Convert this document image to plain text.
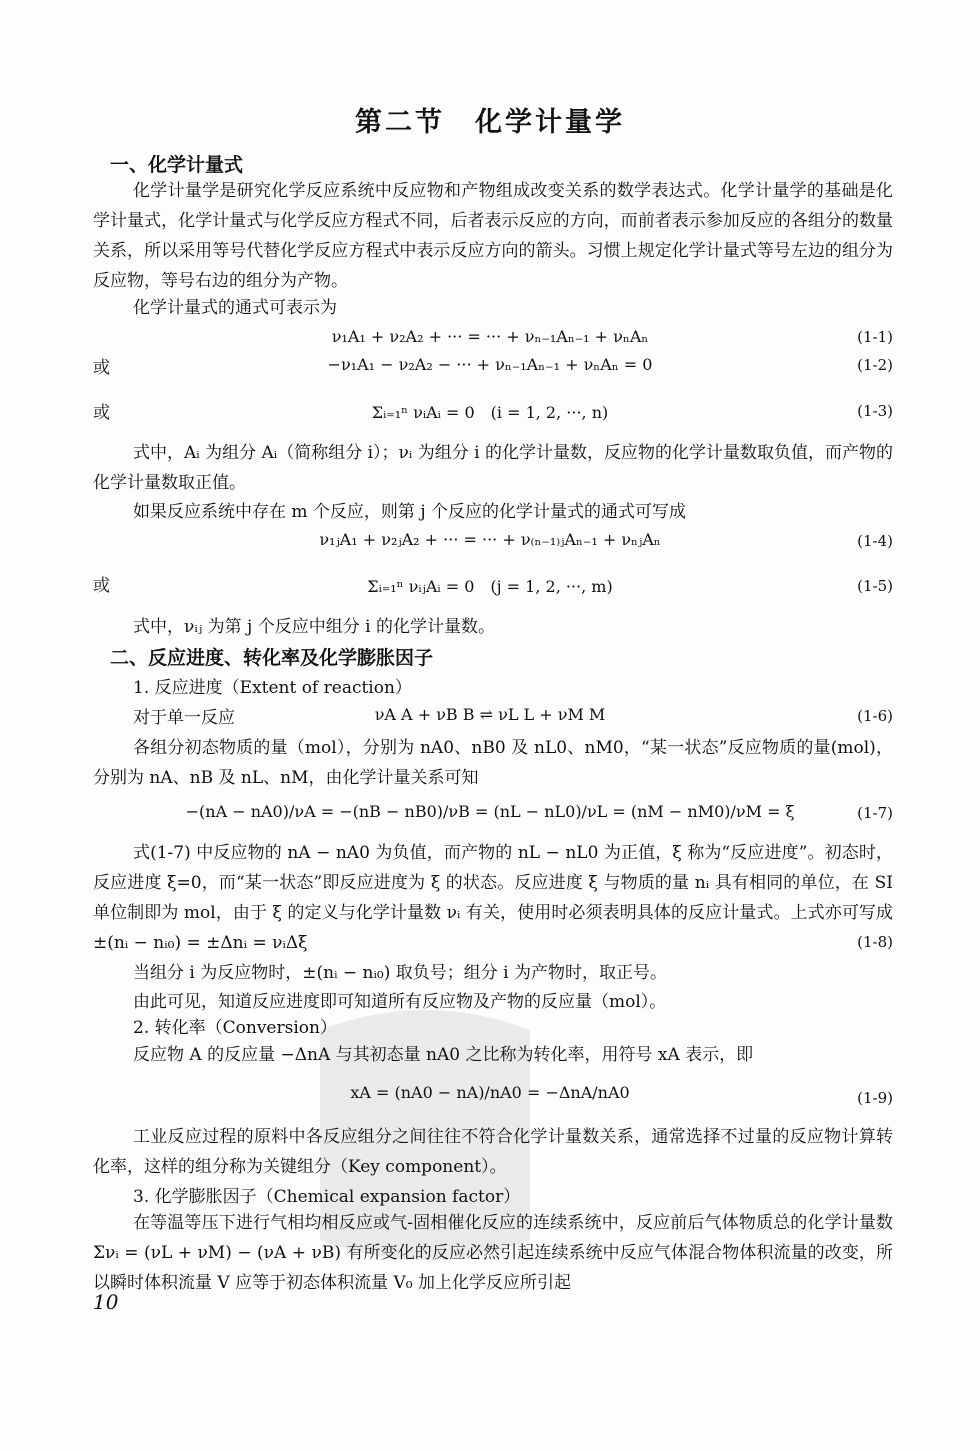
第二节　化学计量学
一、化学计量式
化学计量学是研究化学反应系统中反应物和产物组成改变关系的数学表达式。化学计量学的基础是化学计量式，化学计量式与化学反应方程式不同，后者表示反应的方向，而前者表示参加反应的各组分的数量关系，所以采用等号代替化学反应方程式中表示反应方向的箭头。习惯上规定化学计量式等号左边的组分为反应物，等号右边的组分为产物。
化学计量式的通式可表示为
ν₁A₁ + ν₂A₂ + ··· = ··· + νₙ₋₁Aₙ₋₁ + νₙAₙ	(1-1)
或	−ν₁A₁ − ν₂A₂ − ··· + νₙ₋₁Aₙ₋₁ + νₙAₙ = 0	(1-2)
或	Σᵢ₌₁ⁿ νᵢAᵢ = 0　(i = 1, 2, ···, n)	(1-3)
式中，Aᵢ 为组分 Aᵢ（简称组分 i）；νᵢ 为组分 i 的化学计量数，反应物的化学计量数取负值，而产物的化学计量数取正值。
如果反应系统中存在 m 个反应，则第 j 个反应的化学计量式的通式可写成
ν₁ⱼA₁ + ν₂ⱼA₂ + ··· = ··· + ν₍ₙ₋₁₎ⱼAₙ₋₁ + νₙⱼAₙ	(1-4)
或	Σᵢ₌₁ⁿ νᵢⱼAᵢ = 0　(j = 1, 2, ···, m)	(1-5)
式中，νᵢⱼ 为第 j 个反应中组分 i 的化学计量数。
二、反应进度、转化率及化学膨胀因子
1. 反应进度（Extent of reaction）
对于单一反应	νA A + νB B ⇌ νL L + νM M	(1-6)
各组分初态物质的量（mol），分别为 nA0、nB0 及 nL0、nM0，“某一状态”反应物质的量(mol)，分别为 nA、nB 及 nL、nM，由化学计量关系可知
−(nA − nA0)/νA = −(nB − nB0)/νB = (nL − nL0)/νL = (nM − nM0)/νM = ξ	(1-7)
式(1-7) 中反应物的 nA − nA0 为负值，而产物的 nL − nL0 为正值，ξ 称为“反应进度”。初态时，反应进度 ξ=0，而“某一状态”即反应进度为 ξ 的状态。反应进度 ξ 与物质的量 nᵢ 具有相同的单位，在 SI 单位制即为 mol，由于 ξ 的定义与化学计量数 νᵢ 有关，使用时必须表明具体的反应计量式。上式亦可写成　±(nᵢ − nᵢ₀) = ±Δnᵢ = νᵢΔξ	(1-8)
当组分 i 为反应物时，±(nᵢ − nᵢ₀) 取负号；组分 i 为产物时，取正号。
由此可见，知道反应进度即可知道所有反应物及产物的反应量（mol）。
2. 转化率（Conversion）
反应物 A 的反应量 −ΔnA 与其初态量 nA0 之比称为转化率，用符号 xA 表示，即
xA = (nA0 − nA)/nA0 = −ΔnA/nA0	(1-9)
工业反应过程的原料中各反应组分之间往往不符合化学计量数关系，通常选择不过量的反应物计算转化率，这样的组分称为关键组分（Key component）。
3. 化学膨胀因子（Chemical expansion factor）
在等温等压下进行气相均相反应或气-固相催化反应的连续系统中，反应前后气体物质总的化学计量数 Σνᵢ = (νL + νM) − (νA + νB) 有所变化的反应必然引起连续系统中反应气体混合物体积流量的改变，所以瞬时体积流量 V 应等于初态体积流量 V₀ 加上化学反应所引起
10
